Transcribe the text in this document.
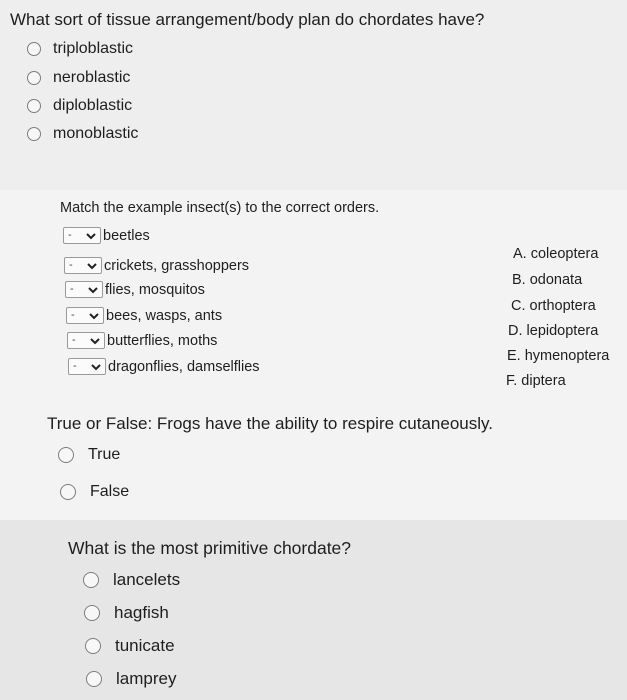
What sort of tissue arrangement/body plan do chordates have?
triploblastic
neroblastic
diploblastic
monoblastic
Match the example insect(s) to the correct orders.
- beetles
- crickets, grasshoppers
- flies, mosquitos
- bees, wasps, ants
- butterflies, moths
- dragonflies, damselflies
A. coleoptera
B. odonata
C. orthoptera
D. lepidoptera
E. hymenoptera
F. diptera
True or False: Frogs have the ability to respire cutaneously.
True
False
What is the most primitive chordate?
lancelets
hagfish
tunicate
lamprey
